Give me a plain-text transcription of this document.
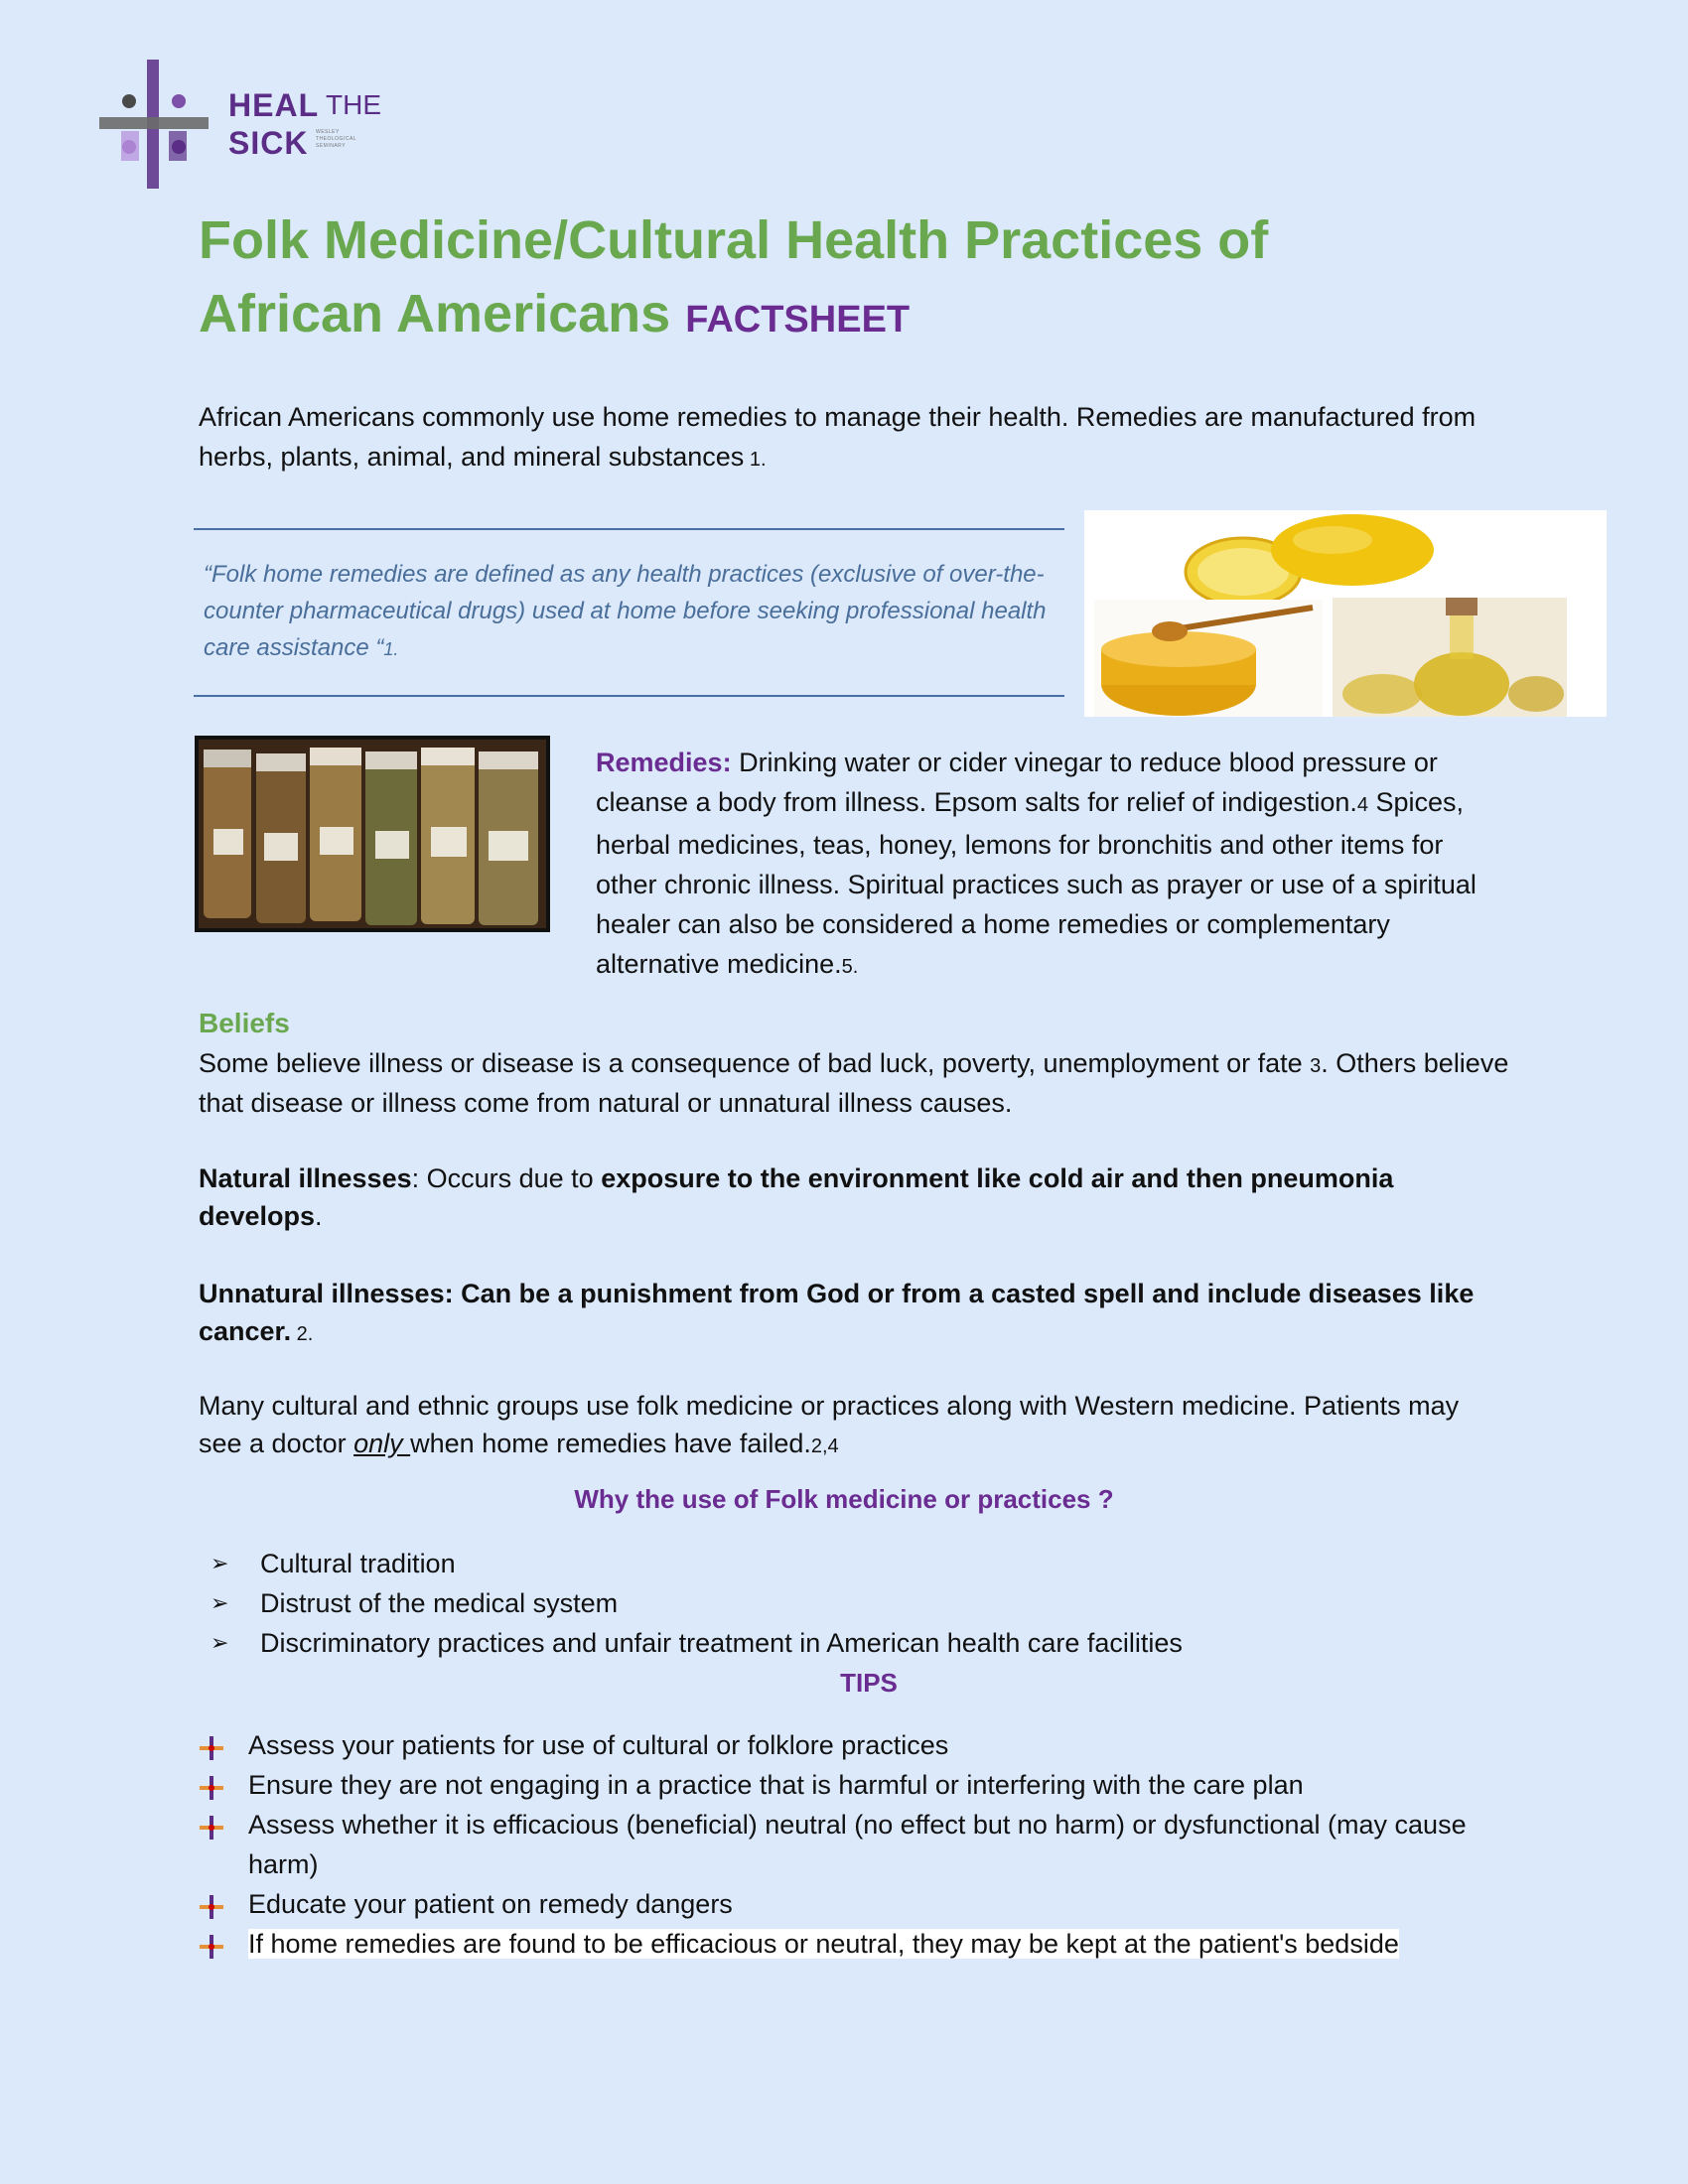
HEAL THE
SICK WESLEY THEOLOGICAL SEMINARY
Folk Medicine/Cultural Health Practices of
African Americans FACTSHEET
African Americans commonly use home remedies to manage their health. Remedies are manufactured from herbs, plants, animal, and mineral substances 1.

“Folk home remedies are defined as any health practices (exclusive of over-the-counter pharmaceutical drugs) used at home before seeking professional health care assistance “1.

Remedies: Drinking water or cider vinegar to reduce blood pressure or cleanse a body from illness. Epsom salts for relief of indigestion.4 Spices, herbal medicines, teas, honey, lemons for bronchitis and other items for other chronic illness. Spiritual practices such as prayer or use of a spiritual healer can also be considered a home remedies or complementary alternative medicine.5.
Beliefs
Some believe illness or disease is a consequence of bad luck, poverty, unemployment or fate 3. Others believe that disease or illness come from natural or unnatural illness causes.
Natural illnesses: Occurs due to exposure to the environment like cold air and then pneumonia develops.
Unnatural illnesses: Can be a punishment from God or from a casted spell and include diseases like cancer. 2.
Many cultural and ethnic groups use folk medicine or practices along with Western medicine. Patients may see a doctor only when home remedies have failed.2,4
Why the use of Folk medicine or practices ?
➢	Cultural tradition
➢	Distrust of the medical system
➢	Discriminatory practices and unfair treatment in American health care facilities
TIPS
Assess your patients for use of cultural or folklore practices
Ensure they are not engaging in a practice that is harmful or interfering with the care plan
Assess whether it is efficacious (beneficial) neutral (no effect but no harm) or dysfunctional (may cause harm)
Educate your patient on remedy dangers
If home remedies are found to be efficacious or neutral, they may be kept at the patient's bedside
